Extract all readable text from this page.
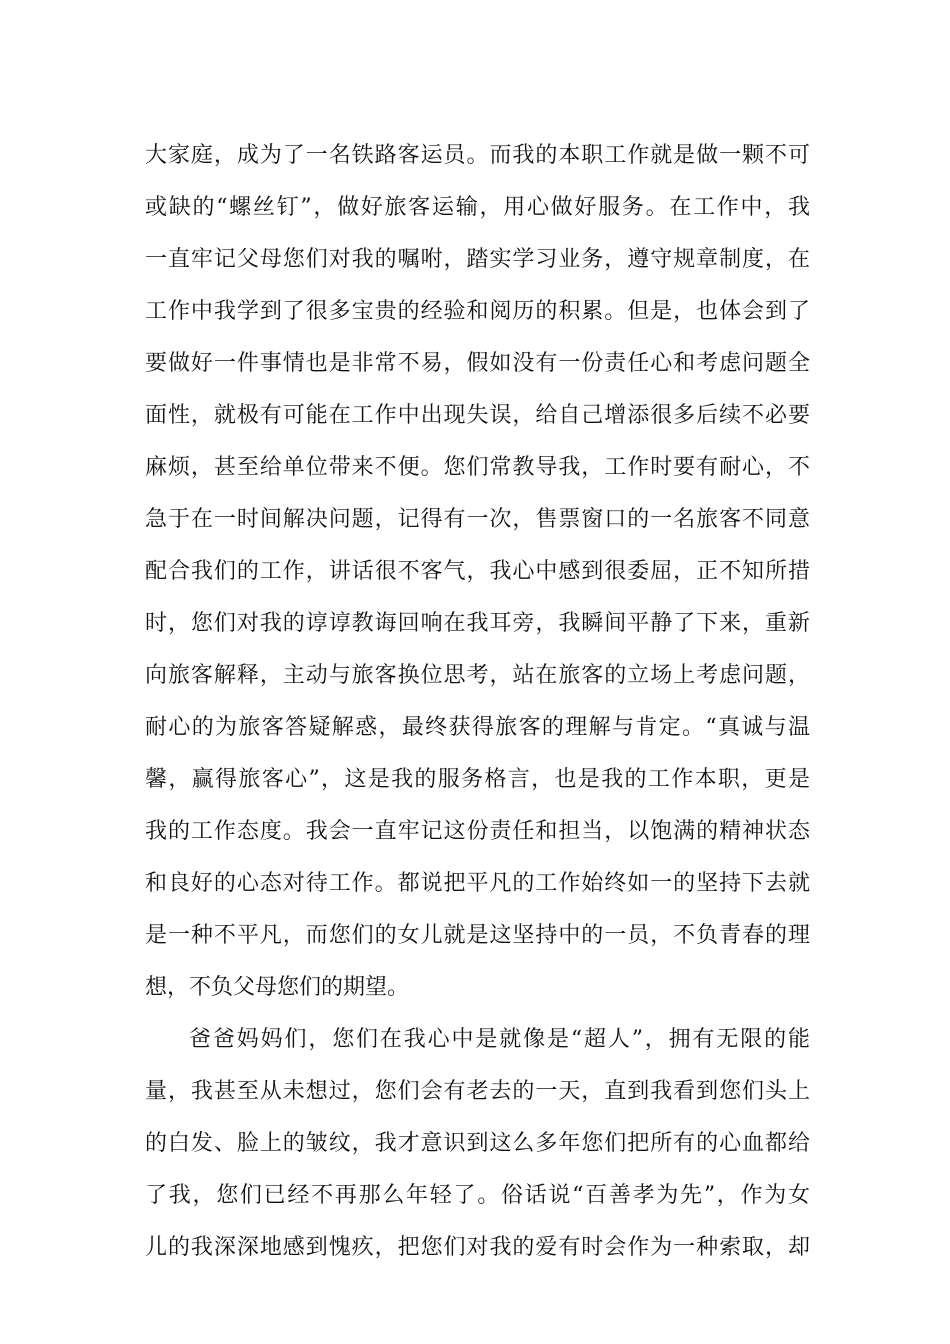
大家庭，成为了一名铁路客运员。而我的本职工作就是做一颗不可
或缺的“螺丝钉”，做好旅客运输，用心做好服务。在工作中，我
一直牢记父母您们对我的嘱咐，踏实学习业务，遵守规章制度，在
工作中我学到了很多宝贵的经验和阅历的积累。但是，也体会到了
要做好一件事情也是非常不易，假如没有一份责任心和考虑问题全
面性，就极有可能在工作中出现失误，给自己增添很多后续不必要
麻烦，甚至给单位带来不便。您们常教导我，工作时要有耐心，不
急于在一时间解决问题，记得有一次，售票窗口的一名旅客不同意
配合我们的工作，讲话很不客气，我心中感到很委屈，正不知所措
时，您们对我的谆谆教诲回响在我耳旁，我瞬间平静了下来，重新
向旅客解释，主动与旅客换位思考，站在旅客的立场上考虑问题，
耐心的为旅客答疑解惑，最终获得旅客的理解与肯定。“真诚与温
馨，赢得旅客心”，这是我的服务格言，也是我的工作本职，更是
我的工作态度。我会一直牢记这份责任和担当，以饱满的精神状态
和良好的心态对待工作。都说把平凡的工作始终如一的坚持下去就
是一种不平凡，而您们的女儿就是这坚持中的一员，不负青春的理
想，不负父母您们的期望。
爸爸妈妈们，您们在我心中是就像是“超人”，拥有无限的能
量，我甚至从未想过，您们会有老去的一天，直到我看到您们头上
的白发、脸上的皱纹，我才意识到这么多年您们把所有的心血都给
了我，您们已经不再那么年轻了。俗话说“百善孝为先”，作为女
儿的我深深地感到愧疚，把您们对我的爱有时会作为一种索取，却
